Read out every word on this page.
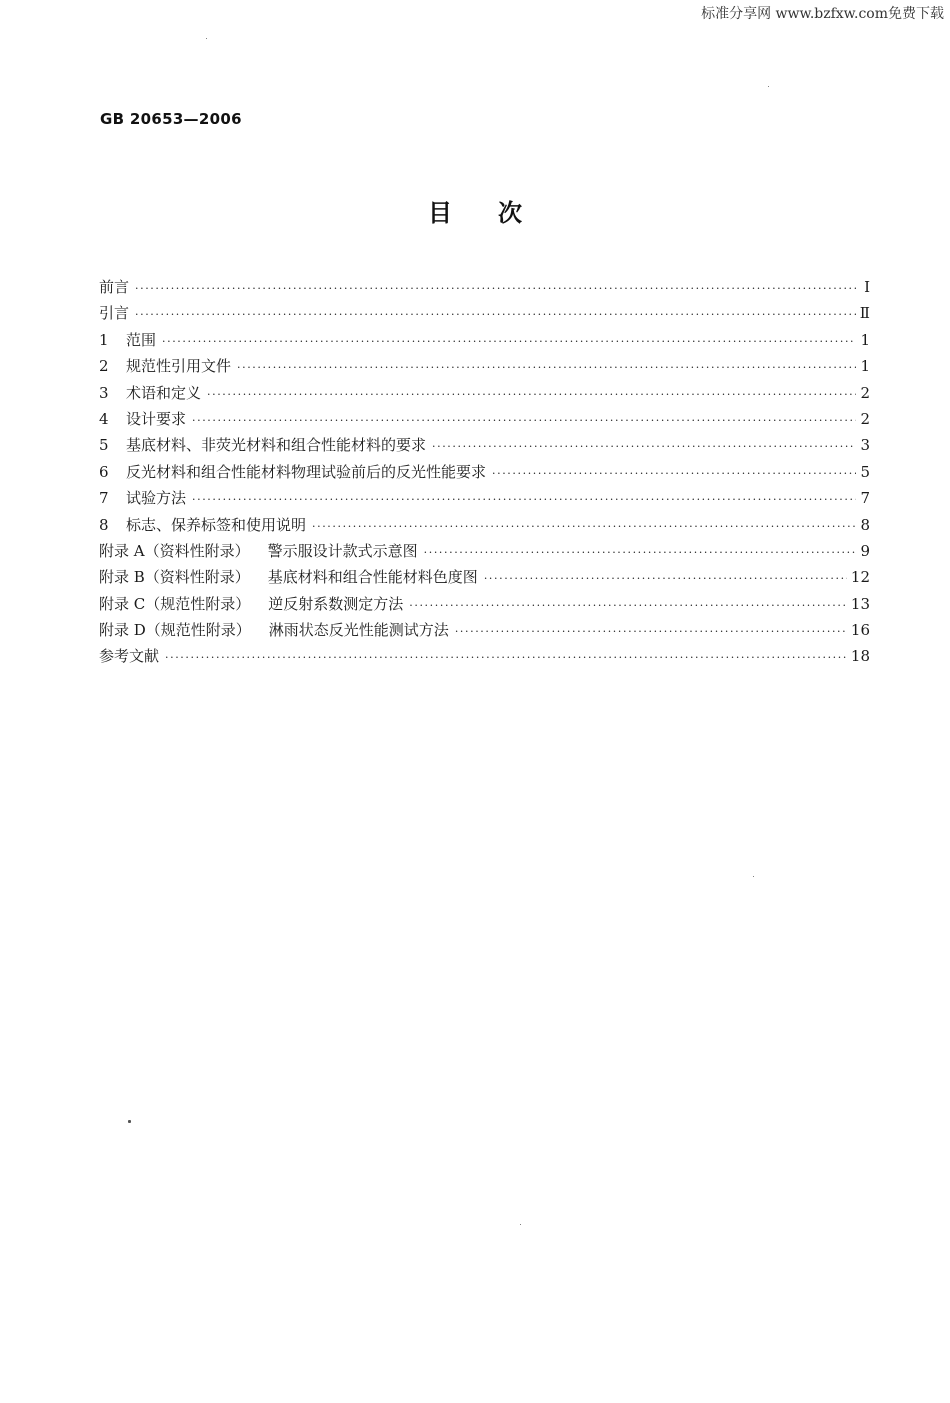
标准分享网 www.bzfxw.com免费下载
GB 20653—2006
目 次
前言 ·····	Ⅰ
引言 ·····	Ⅱ
1	范围 ·····	1
2	规范性引用文件 ·····	1
3	术语和定义 ·····	2
4	设计要求 ·····	2
5	基底材料、非荧光材料和组合性能材料的要求 ·····	3
6	反光材料和组合性能材料物理试验前后的反光性能要求 ·····	5
7	试验方法 ·····	7
8	标志、保养标签和使用说明 ·····	8
附录 A（资料性附录） 警示服设计款式示意图 ·····	9
附录 B（资料性附录） 基底材料和组合性能材料色度图 ·····	12
附录 C（规范性附录） 逆反射系数测定方法 ·····	13
附录 D（规范性附录） 淋雨状态反光性能测试方法 ·····	16
参考文献 ·····	18
